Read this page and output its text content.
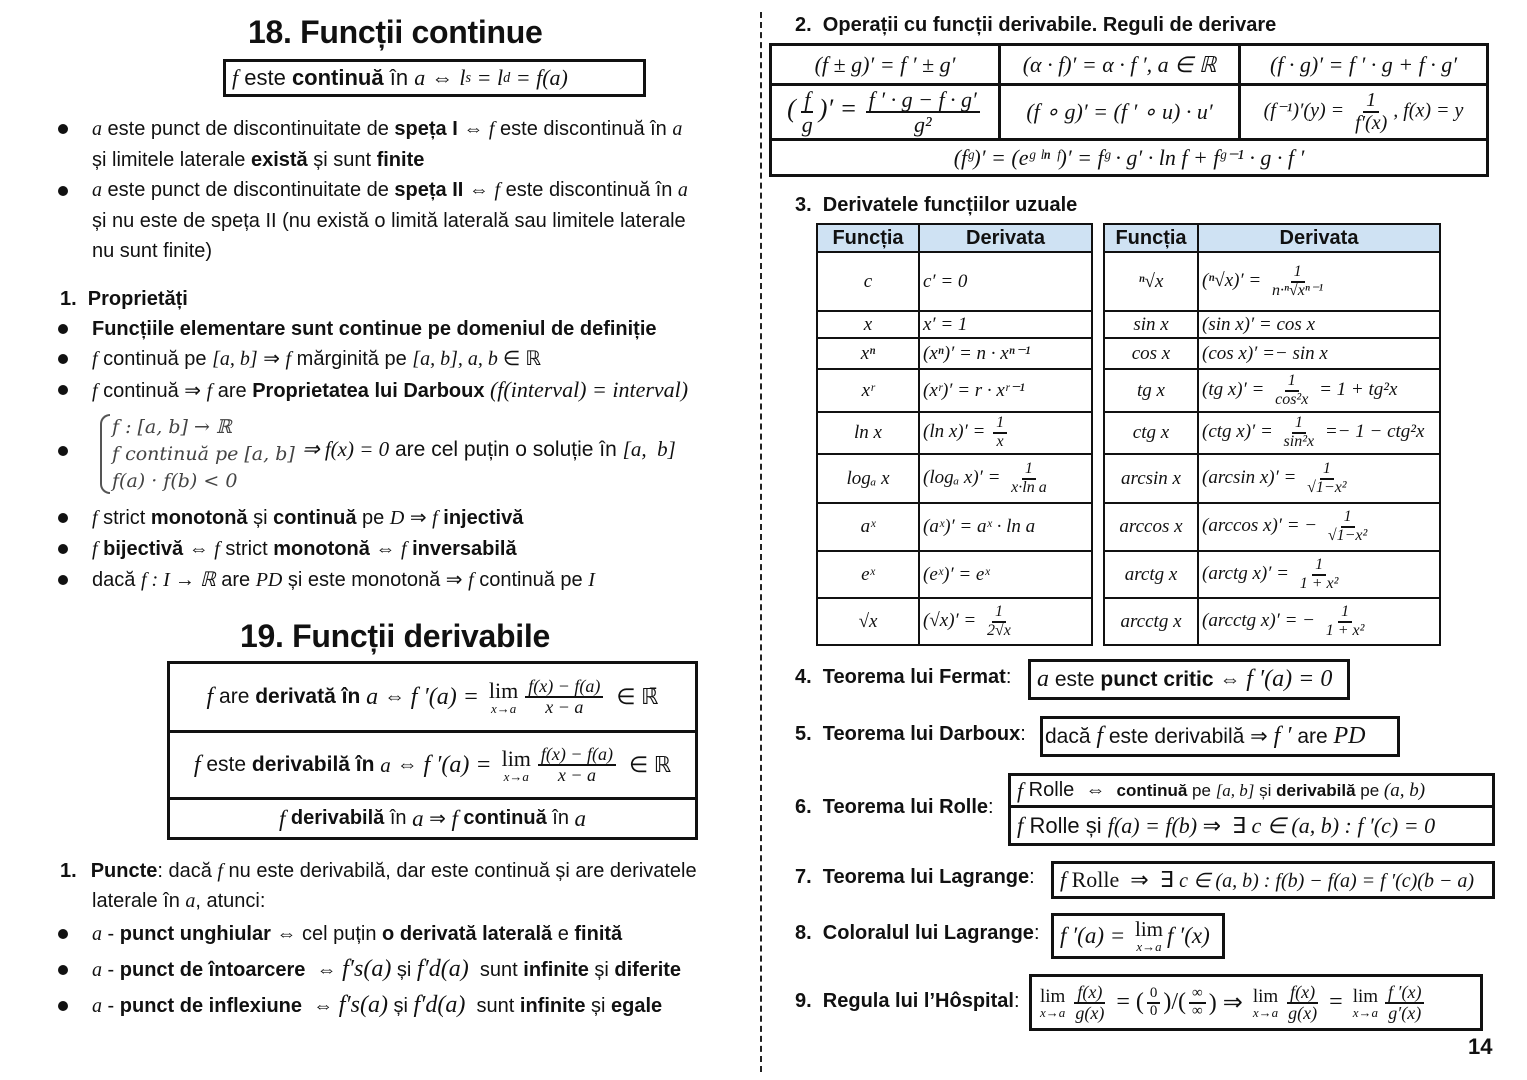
18. Funcții continue
f este continuă în a ⇔ l s = l d = f(a)
a este punct de discontinuitate de speța I ⇔ f este discontinuă în a
și limitele laterale există și sunt finite
a este punct de discontinuitate de speța II ⇔ f este discontinuă în a
și nu este de speța II (nu există o limită laterală sau limitele laterale
nu sunt finite)
1.  Proprietăți
Funcțiile elementare sunt continue pe domeniul de definiție
f continuă pe [a, b] ⇒ f mărginită pe [a, b], a, b ∈ ℝ
f continuă ⇒ f are Proprietatea lui Darboux (f(interval) = interval)
f : [a, b] → ℝ
f continuă pe [a, b]
f(a) · f(b) < 0
⇒ f(x) = 0 are cel puțin o soluție în [a,  b]
f strict monotonă și continuă pe D ⇒ f injectivă
f bijectivă ⇔ f strict monotonă ⇔ f inversabilă
dacă f : I → ℝ are PD și este monotonă ⇒ f continuă pe I
19. Funcții derivabile
f are derivată în a ⇔ f ′(a) = lim
$x\to a \frac{f(x) - f(a)}{x - a}$ ∈ ℝ̄
f este derivabilă în a ⇔ f ′(a) = lim
$x\to a \frac{f(x) - f(a)}{x - a}$ ∈ ℝ
f derivabilă în a ⇒ f continuă în a
1. Puncte: dacă f nu este derivabilă, dar este continuă și are derivatele
laterale în a, atunci:
a - punct unghiular ⇔ cel puțin o derivată laterală e finită
a - punct de întoarcere  ⇔ f′s(a) și f′d(a)  sunt infinite și diferite
a - punct de inflexiune  ⇔ f′s(a) și f′d(a)  sunt infinite și egale
2.  Operații cu funcții derivabile. Reguli de derivare
(f ± g)′ = f ′ ± g′	(α · f)′ = α · f ′, a ∈ ℝ	(f · g)′ = f ′ · g + f · g′
( $\frac{f}{g}$ )′ = $\frac{f ' \cdot g - f \cdot g'}{\text{g²}}$	(f ∘ g)′ = (f ′ ∘ u) · u′	$(f^{-1})'(y) = \frac{1}{f'(x)}$ , f(x) = y
(fᵍ)′ = (eᵍ ˡⁿ ᶠ)′ = fᵍ · g′ · ln f + fᵍ⁻¹ · g · f ′		
3.  Derivatele funcțiilor uzuale
Funcția	Derivata
c	c′ = 0
x	x′ = 1
xⁿ	(xⁿ)′ = n · xⁿ⁻¹
xʳ	(xʳ)′ = r · xʳ⁻¹
ln x	(ln $x)' = \frac{1}{x}$

logₐ x	(logₐ $x)' = \frac{1}{\text{x·ln a}}$

aˣ	(aˣ)′ = aˣ · ln a
eˣ	(eˣ)′ = eˣ
√x	$(√x)' = \frac{1}{2√x}$
Funcția	Derivata
ⁿ√x	$(^n√x)' = \frac{1}{\text{n·ⁿ√xⁿ⁻¹}}$

sin x	(sin x)′ = cos x
cos x	(cos x)′ =− sin x
tg x	(tg $x)' = \frac{1}{\text{cos²x}} = 1 + tg^2x$
ctg x	(ctg $x)' = \frac{1}{\text{sin²x}} =- 1 - ctg^2x$
arcsin x	(arcsin $x)' = \frac{1}{\text{√1−x²}}$

arccos x	(arccos x)′ = − $\frac{1}{\text{√1−x²}}$

arctg x	(arctg $x)' = \frac{1}{\text{1 + x²}}$

arcctg x	(arcctg x)′ = − $\frac{1}{\text{1 + x²}}$
4.  Teorema lui Fermat: a este punct critic ⇔ f ′(a) = 0
5.  Teorema lui Darboux: dacă f este derivabilă ⇒ f ′ are PD
6.  Teorema lui Rolle:
f Rolle  ⇔ continuă pe [a, b] și derivabilă pe (a, b)
f Rolle și f(a) = f(b) ⇒  ∃ c ∈ (a, b) : f ′(c) = 0
7.  Teorema lui Lagrange: f Rolle  ⇒  ∃ c ∈ (a, b) : f(b) − f(a) = f ′(c)(b − a)
8.  Coloralul lui Lagrange: f ′(a) = lim
x→a f ′(x)
9.  Regula lui l’Hôspital: lim
$x\to a \frac{f(x)}{g(x)}$ = ( $\frac{0}{0}$ )/( $\frac{\infty}{\infty}$ ) ⇒ lim
$x\to a \frac{f(x)}{g(x)} = \lim$
$x\to a \frac{f '(x)}{g'(x)}$
14
